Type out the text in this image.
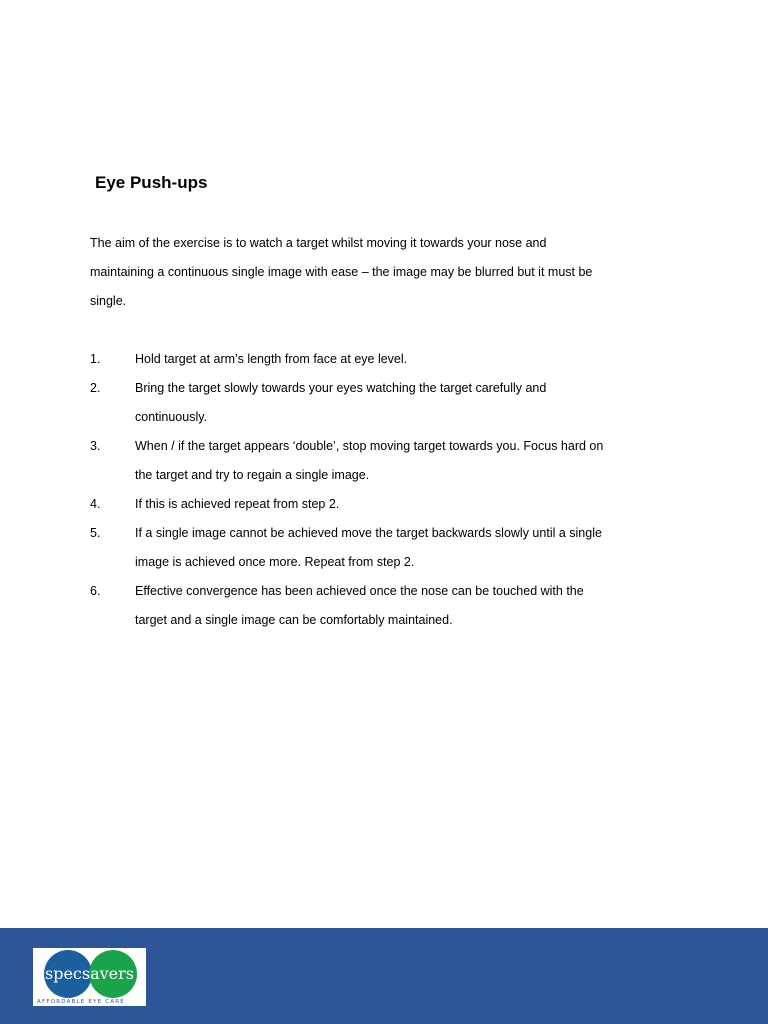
Eye Push-ups

The aim of the exercise is to watch a target whilst moving it towards your nose and maintaining a continuous single image with ease – the image may be blurred but it must be single.

1.	Hold target at arm’s length from face at eye level.
2.	Bring the target slowly towards your eyes watching the target carefully and continuously.
3.	When / if the target appears ‘double’, stop moving target towards you. Focus hard on the target and try to regain a single image.
4.	If this is achieved repeat from step 2.
5.	If a single image cannot be achieved move the target backwards slowly until a single image is achieved once more. Repeat from step 2.
6.	Effective convergence has been achieved once the nose can be touched with the target and a single image can be comfortably maintained.
specsavers
AFFORDABLE EYE CARE
